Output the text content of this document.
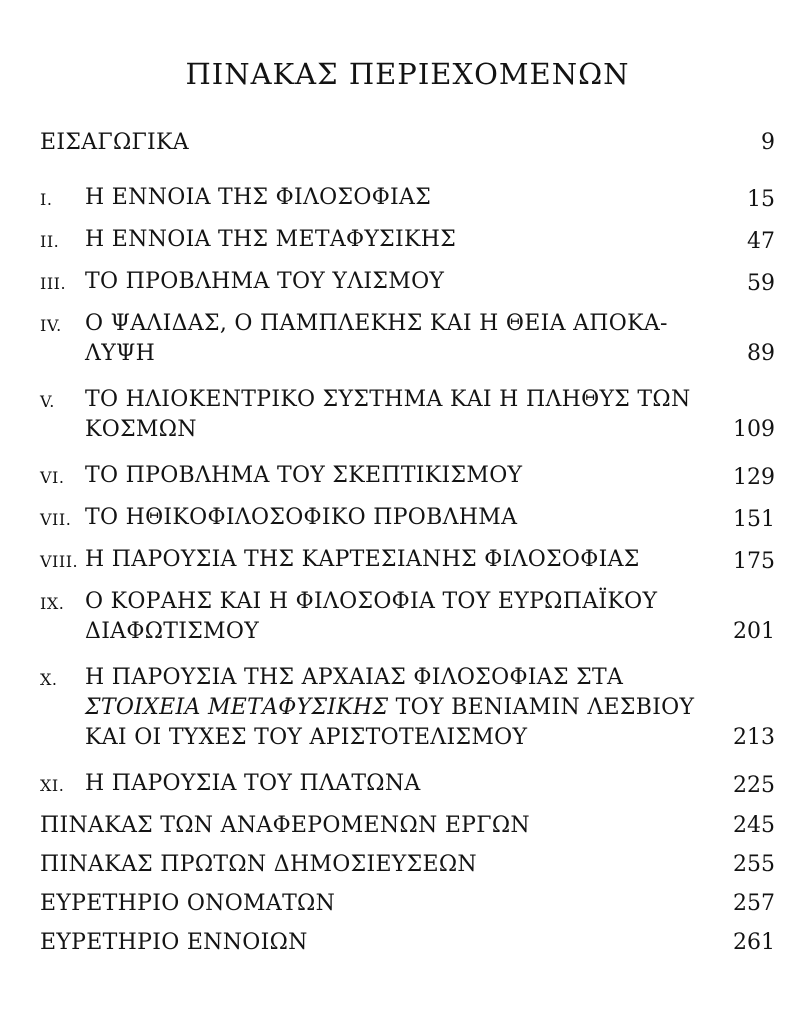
ΠΙΝΑΚΑΣ ΠΕΡΙΕΧΟΜΕΝΩΝ
ΕΙΣΑΓΩΓΙΚΑ	9
I.	Η ΕΝΝΟΙΑ ΤΗΣ ΦΙΛΟΣΟΦΙΑΣ	15
II.	Η ΕΝΝΟΙΑ ΤΗΣ ΜΕΤΑΦΥΣΙΚΗΣ	47
III. ΤΟ ΠΡΟΒΛΗΜΑ ΤΟΥ ΥΛΙΣΜΟΥ	59
IV.	Ο ΨΑΛΙΔΑΣ, Ο ΠΑΜΠΛΕΚΗΣ ΚΑΙ Η ΘΕΙΑ ΑΠΟΚΑ-
ΛΥΨΗ	89
V.	ΤΟ ΗΛΙΟΚΕΝΤΡΙΚΟ ΣΥΣΤΗΜΑ ΚΑΙ Η ΠΛΗΘΥΣ ΤΩΝ
ΚΟΣΜΩΝ	109
VI. ΤΟ ΠΡΟΒΛΗΜΑ ΤΟΥ ΣΚΕΠΤΙΚΙΣΜΟΥ	129
VII. ΤΟ ΗΘΙΚΟΦΙΛΟΣΟΦΙΚΟ ΠΡΟΒΛΗΜΑ	151
VIII. Η ΠΑΡΟΥΣΙΑ ΤΗΣ ΚΑΡΤΕΣΙΑΝΗΣ ΦΙΛΟΣΟΦΙΑΣ	175
IX. Ο ΚΟΡΑΗΣ ΚΑΙ Η ΦΙΛΟΣΟΦΙΑ ΤΟΥ ΕΥΡΩΠΑΪΚΟΥ
ΔΙΑΦΩΤΙΣΜΟΥ	201
X.	Η ΠΑΡΟΥΣΙΑ ΤΗΣ ΑΡΧΑΙΑΣ ΦΙΛΟΣΟΦΙΑΣ ΣΤΑ
ΣΤΟΙΧΕΙΑ ΜΕΤΑΦΥΣΙΚΗΣ ΤΟΥ ΒΕΝΙΑΜΙΝ ΛΕΣΒΙΟΥ
ΚΑΙ ΟΙ ΤΥΧΕΣ ΤΟΥ ΑΡΙΣΤΟΤΕΛΙΣΜΟΥ	213
XI. Η ΠΑΡΟΥΣΙΑ ΤΟΥ ΠΛΑΤΩΝΑ	225
ΠΙΝΑΚΑΣ ΤΩΝ ΑΝΑΦΕΡΟΜΕΝΩΝ ΕΡΓΩΝ	245
ΠΙΝΑΚΑΣ ΠΡΩΤΩΝ ΔΗΜΟΣΙΕΥΣΕΩΝ	255
ΕΥΡΕΤΗΡΙΟ ΟΝΟΜΑΤΩΝ	257
ΕΥΡΕΤΗΡΙΟ ΕΝΝΟΙΩΝ	261
